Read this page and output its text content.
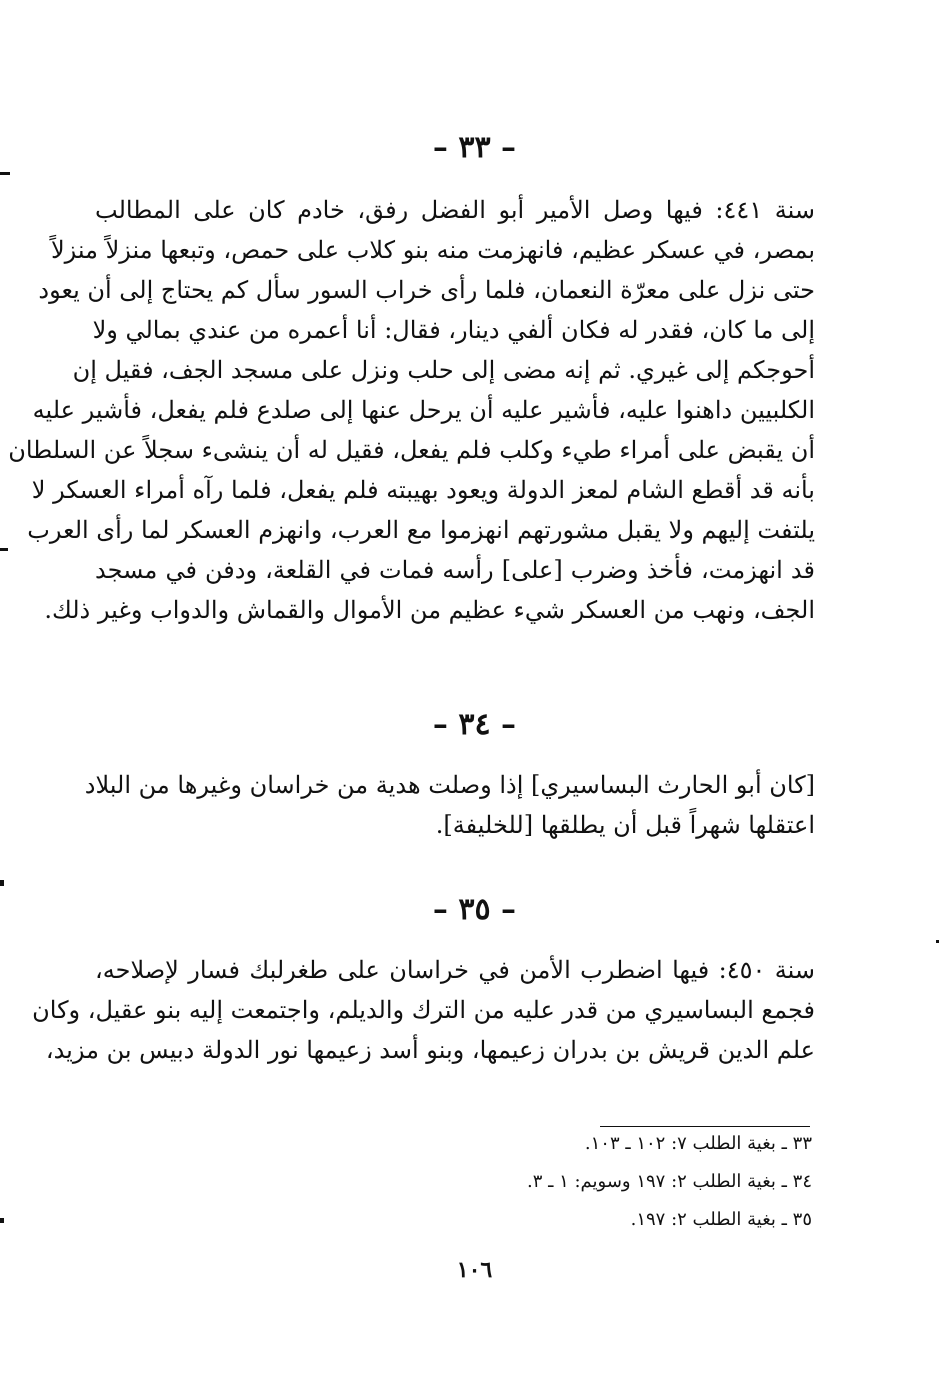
– ٣٣ –
سنة ٤٤١: فيها وصل الأمير أبو الفضل رفق، خادم كان على المطالب
بمصر، في عسكر عظيم، فانهزمت منه بنو كلاب على حمص، وتبعها منزلاً منزلاً
حتى نزل على معرّة النعمان، فلما رأى خراب السور سأل كم يحتاج إلى أن يعود
إلى ما كان، فقدر له فكان ألفي دينار، فقال: أنا أعمره من عندي بمالي ولا
أحوجكم إلى غيري. ثم إنه مضى إلى حلب ونزل على مسجد الجف، فقيل إن
الكلبيين داهنوا عليه، فأشير عليه أن يرحل عنها إلى صلدع فلم يفعل، فأشير عليه
أن يقبض على أمراء طيء وكلب فلم يفعل، فقيل له أن ينشىء سجلاً عن السلطان
بأنه قد أقطع الشام لمعز الدولة ويعود بهيبته فلم يفعل، فلما رآه أمراء العسكر لا
يلتفت إليهم ولا يقبل مشورتهم انهزموا مع العرب، وانهزم العسكر لما رأى العرب
قد انهزمت، فأخذ وضرب [على] رأسه فمات في القلعة، ودفن في مسجد
الجف، ونهب من العسكر شيء عظيم من الأموال والقماش والدواب وغير ذلك.
– ٣٤ –
[كان أبو الحارث البساسيري] إذا وصلت هدية من خراسان وغيرها من البلاد
اعتقلها شهراً قبل أن يطلقها [للخليفة].
– ٣٥ –
سنة ٤٥٠: فيها اضطرب الأمن في خراسان على طغرلبك فسار لإصلاحه،
فجمع البساسيري من قدر عليه من الترك والديلم، واجتمعت إليه بنو عقيل، وكان
علم الدين قريش بن بدران زعيمها، وبنو أسد زعيمها نور الدولة دبيس بن مزيد،
٣٣ ـ بغية الطلب ٧: ١٠٢ ـ ١٠٣.
٣٤ ـ بغية الطلب ٢: ١٩٧ وسويم: ١ ـ ٣.
٣٥ ـ بغية الطلب ٢: ١٩٧.
١٠٦
